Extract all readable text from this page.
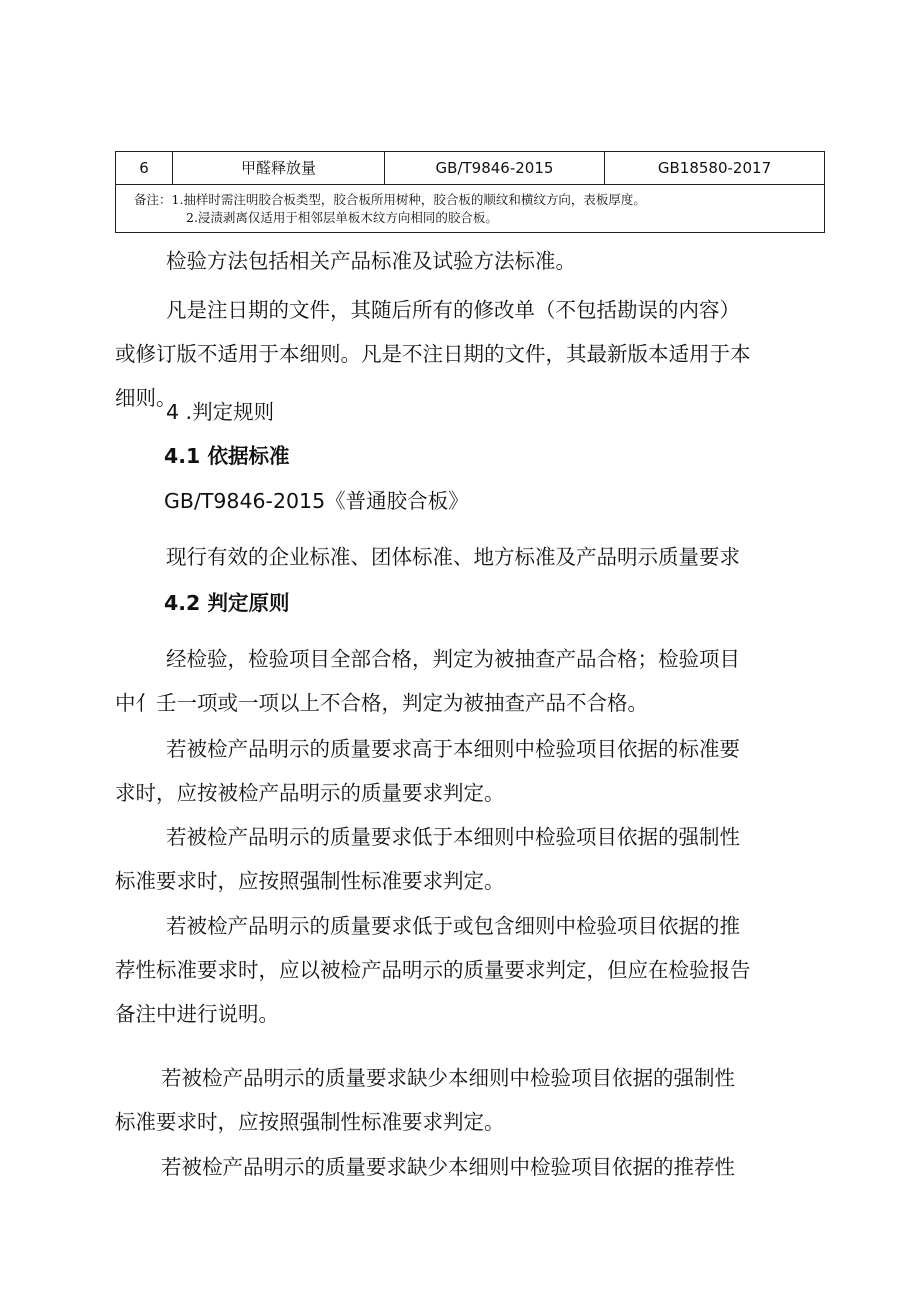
6	甲醛释放量	GB/T9846-2015	GB18580-2017

备注：1.抽样时需注明胶合板类型，胶合板所用树种，胶合板的顺纹和横纹方向，表板厚度。
2.浸渍剥离仅适用于相邻层单板木纹方向相同的胶合板。

检验方法包括相关产品标准及试验方法标准。

凡是注日期的文件，其随后所有的修改单（不包括勘误的内容）
或修订版不适用于本细则。凡是不注日期的文件，其最新版本适用于本
细则。

4 .判定规则

4.1 依据标准

GB/T9846-2015《普通胶合板》

现行有效的企业标准、团体标准、地方标准及产品明示质量要求

4.2 判定原则

经检验，检验项目全部合格，判定为被抽查产品合格；检验项目
中亻壬一项或一项以上不合格，判定为被抽查产品不合格。
若被检产品明示的质量要求高于本细则中检验项目依据的标准要
求时，应按被检产品明示的质量要求判定。
若被检产品明示的质量要求低于本细则中检验项目依据的强制性
标准要求时，应按照强制性标准要求判定。
若被检产品明示的质量要求低于或包含细则中检验项目依据的推
荐性标准要求时，应以被检产品明示的质量要求判定，但应在检验报告
备注中进行说明。
若被检产品明示的质量要求缺少本细则中检验项目依据的强制性
标准要求时，应按照强制性标准要求判定。

若被检产品明示的质量要求缺少本细则中检验项目依据的推荐性
